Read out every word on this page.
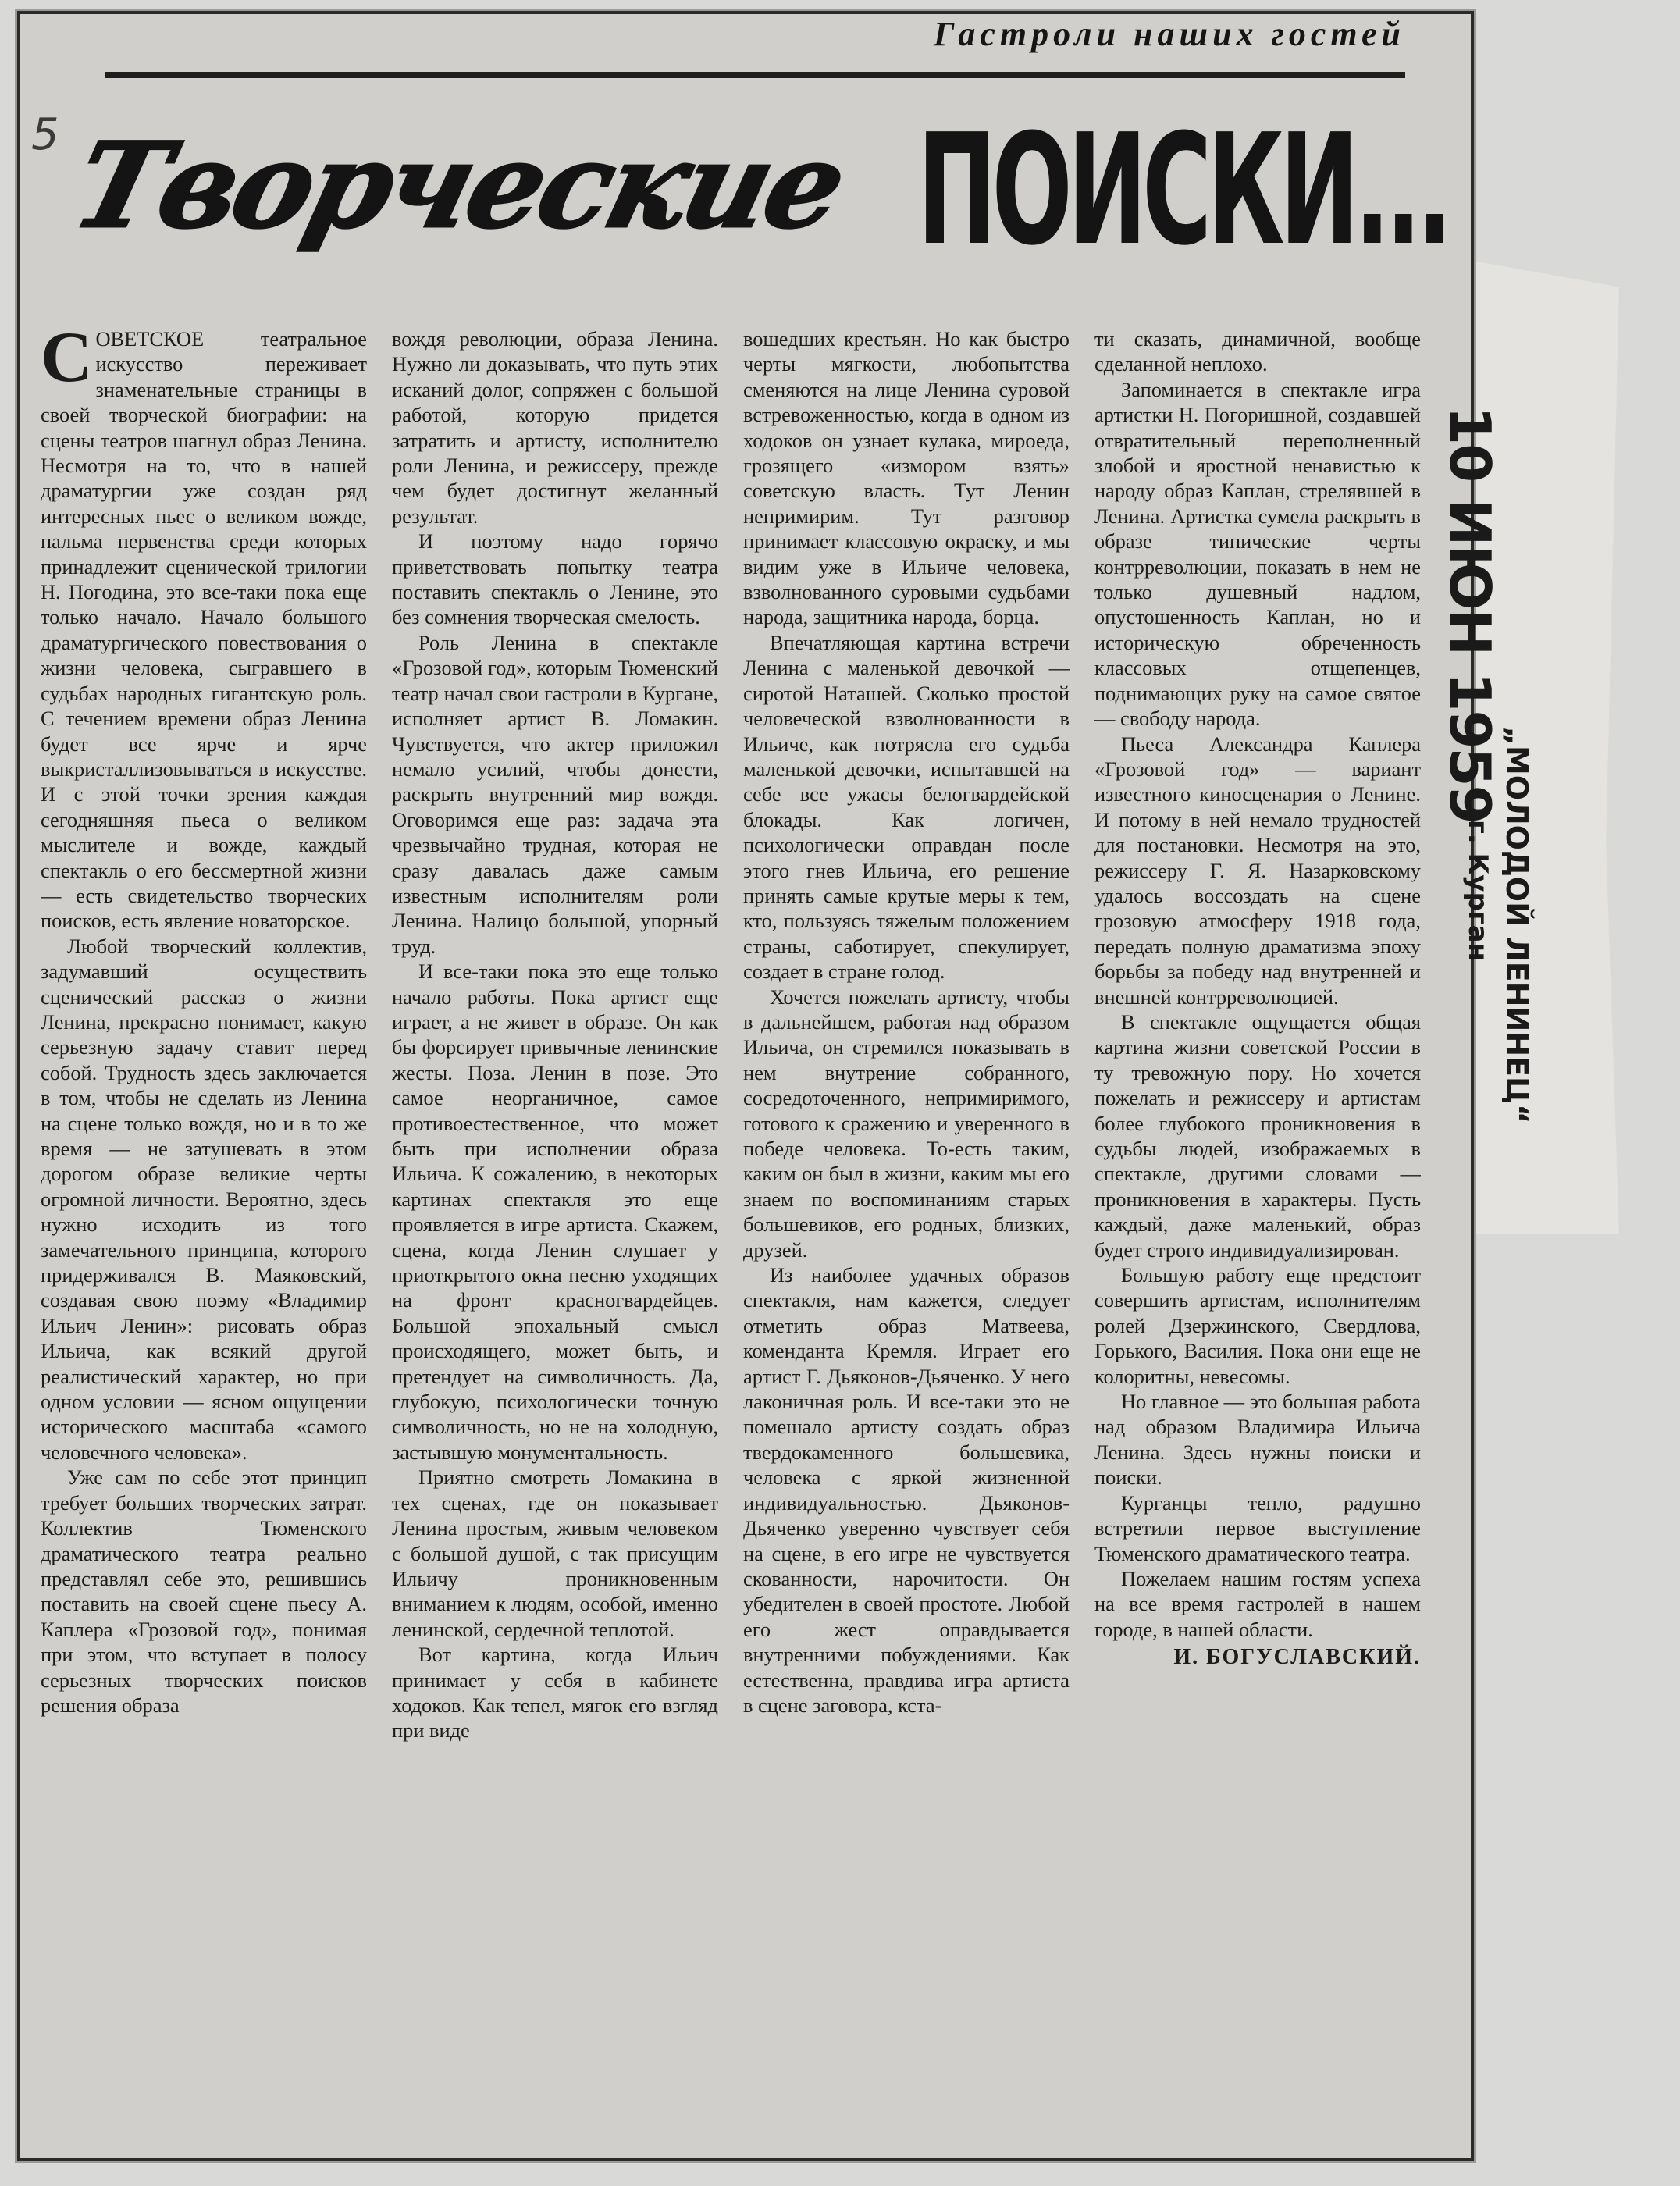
5
Гастроли наших гостей
Творческие ПОИСКИ...

СОВЕТСКОЕ театральное искусство переживает знаменательные страницы в своей творческой биографии: на сцены театров шагнул образ Ленина. Несмотря на то, что в нашей драматургии уже создан ряд интересных пьес о великом вожде, пальма первенства среди которых принадлежит сценической трилогии Н. Погодина, это все-таки пока еще только начало. Начало большого драматургического повествования о жизни человека, сыгравшего в судьбах народных гигантскую роль. С течением времени образ Ленина будет все ярче и ярче выкристаллизовываться в искусстве. И с этой точки зрения каждая сегодняшняя пьеса о великом мыслителе и вожде, каждый спектакль о его бессмертной жизни — есть свидетельство творческих поисков, есть явление новаторское.

Любой творческий коллектив, задумавший осуществить сценический рассказ о жизни Ленина, прекрасно понимает, какую серьезную задачу ставит перед собой. Трудность здесь заключается в том, чтобы не сделать из Ленина на сцене только вождя, но и в то же время — не затушевать в этом дорогом образе великие черты огромной личности. Вероятно, здесь нужно исходить из того замечательного принципа, которого придерживался В. Маяковский, создавая свою поэму «Владимир Ильич Ленин»: рисовать образ Ильича, как всякий другой реалистический характер, но при одном условии — ясном ощущении исторического масштаба «самого человечного человека».

Уже сам по себе этот принцип требует больших творческих затрат. Коллектив Тюменского драматического театра реально представлял себе это, решившись поставить на своей сцене пьесу А. Каплера «Грозовой год», понимая при этом, что вступает в полосу серьезных творческих поисков решения образа

вождя революции, образа Ленина. Нужно ли доказывать, что путь этих исканий долог, сопряжен с большой работой, которую придется затратить и артисту, исполнителю роли Ленина, и режиссеру, прежде чем будет достигнут желанный результат.

И поэтому надо горячо приветствовать попытку театра поставить спектакль о Ленине, это без сомнения творческая смелость.

Роль Ленина в спектакле «Грозовой год», которым Тюменский театр начал свои гастроли в Кургане, исполняет артист В. Ломакин. Чувствуется, что актер приложил немало усилий, чтобы донести, раскрыть внутренний мир вождя. Оговоримся еще раз: задача эта чрезвычайно трудная, которая не сразу давалась даже самым известным исполнителям роли Ленина. Налицо большой, упорный труд.

И все-таки пока это еще только начало работы. Пока артист еще играет, а не живет в образе. Он как бы форсирует привычные ленинские жесты. Поза. Ленин в позе. Это самое неорганичное, самое противоестественное, что может быть при исполнении образа Ильича. К сожалению, в некоторых картинах спектакля это еще проявляется в игре артиста. Скажем, сцена, когда Ленин слушает у приоткрытого окна песню уходящих на фронт красногвардейцев. Большой эпохальный смысл происходящего, может быть, и претендует на символичность. Да, глубокую, психологически точную символичность, но не на холодную, застывшую монументальность.

Приятно смотреть Ломакина в тех сценах, где он показывает Ленина простым, живым человеком с большой душой, с так присущим Ильичу проникновенным вниманием к людям, особой, именно ленинской, сердечной теплотой.

Вот картина, когда Ильич принимает у себя в кабинете ходоков. Как тепел, мягок его взгляд при виде

вошедших крестьян. Но как быстро черты мягкости, любопытства сменяются на лице Ленина суровой встревоженностью, когда в одном из ходоков он узнает кулака, мироеда, грозящего «измором взять» советскую власть. Тут Ленин непримирим. Тут разговор принимает классовую окраску, и мы видим уже в Ильиче человека, взволнованного суровыми судьбами народа, защитника народа, борца.

Впечатляющая картина встречи Ленина с маленькой девочкой — сиротой Наташей. Сколько простой человеческой взволнованности в Ильиче, как потрясла его судьба маленькой девочки, испытавшей на себе все ужасы белогвардейской блокады. Как логичен, психологически оправдан после этого гнев Ильича, его решение принять самые крутые меры к тем, кто, пользуясь тяжелым положением страны, саботирует, спекулирует, создает в стране голод.

Хочется пожелать артисту, чтобы в дальнейшем, работая над образом Ильича, он стремился показывать в нем внутрение собранного, сосредоточенного, непримиримого, готового к сражению и уверенного в победе человека. То-есть таким, каким он был в жизни, каким мы его знаем по воспоминаниям старых большевиков, его родных, близких, друзей.

Из наиболее удачных образов спектакля, нам кажется, следует отметить образ Матвеева, коменданта Кремля. Играет его артист Г. Дьяконов-Дьяченко. У него лаконичная роль. И все-таки это не помешало артисту создать образ твердокаменного большевика, человека с яркой жизненной индивидуальностью. Дьяконов-Дьяченко уверенно чувствует себя на сцене, в его игре не чувствуется скованности, нарочитости. Он убедителен в своей простоте. Любой его жест оправдывается внутренними побуждениями. Как естественна, правдива игра артиста в сцене заговора, кста-

ти сказать, динамичной, вообще сделанной неплохо.

Запоминается в спектакле игра артистки Н. Погоришной, создавшей отвратительный переполненный злобой и яростной ненавистью к народу образ Каплан, стрелявшей в Ленина. Артистка сумела раскрыть в образе типические черты контрреволюции, показать в нем не только душевный надлом, опустошенность Каплан, но и историческую обреченность классовых отщепенцев, поднимающих руку на самое святое — свободу народа.

Пьеса Александра Каплера «Грозовой год» — вариант известного киносценария о Ленине. И потому в ней немало трудностей для постановки. Несмотря на это, режиссеру Г. Я. Назарковскому удалось воссоздать на сцене грозовую атмосферу 1918 года, передать полную драматизма эпоху борьбы за победу над внутренней и внешней контрреволюцией.

В спектакле ощущается общая картина жизни советской России в ту тревожную пору. Но хочется пожелать и режиссеру и артистам более глубокого проникновения в судьбы людей, изображаемых в спектакле, другими словами — проникновения в характеры. Пусть каждый, даже маленький, образ будет строго индивидуализирован.

Большую работу еще предстоит совершить артистам, исполнителям ролей Дзержинского, Свердлова, Горького, Василия. Пока они еще не колоритны, невесомы.

Но главное — это большая работа над образом Владимира Ильича Ленина. Здесь нужны поиски и поиски.

Курганцы тепло, радушно встретили первое выступление Тюменского драматического театра.

Пожелаем нашим гостям успеха на все время гастролей в нашем городе, в нашей области.

И. БОГУСЛАВСКИЙ.
10 ИЮН 1959
„МОЛОДОЙ ЛЕНИНЕЦ“
г. Курган
